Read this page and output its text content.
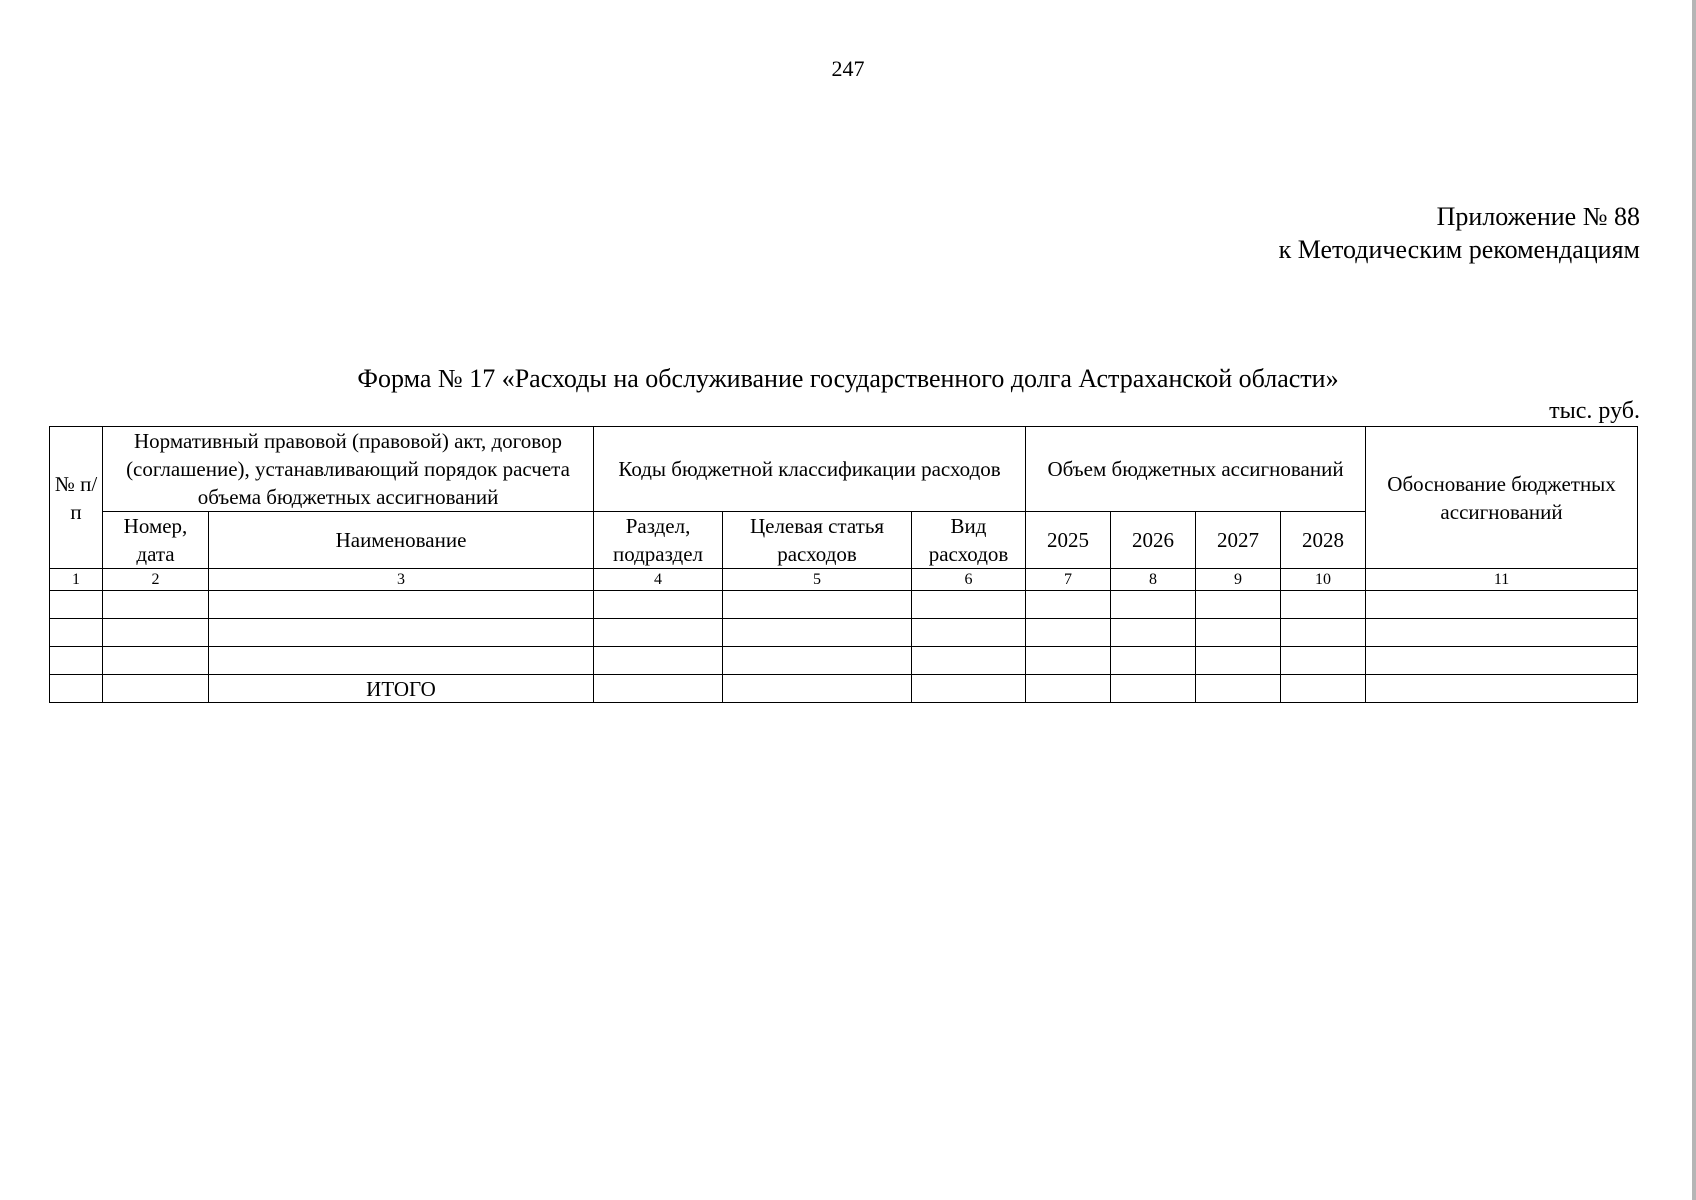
247
Приложение № 88
к Методическим рекомендациям
Форма № 17 «Расходы на обслуживание государственного долга Астраханской области»
тыс. руб.
№ п/п	Нормативный правовой (правовой) акт, договор (соглашение), устанавливающий порядок расчета объема бюджетных ассигнований		Коды бюджетной классификации расходов			Объем бюджетных ассигнований				Обоснование бюджетных ассигнований
	Номер, дата	Наименование	Раздел, подраздел	Целевая статья расходов	Вид расходов	2025	2026	2027	2028	
1	2	3	4	5	6	7	8	9	10	11

		ИТОГО								
